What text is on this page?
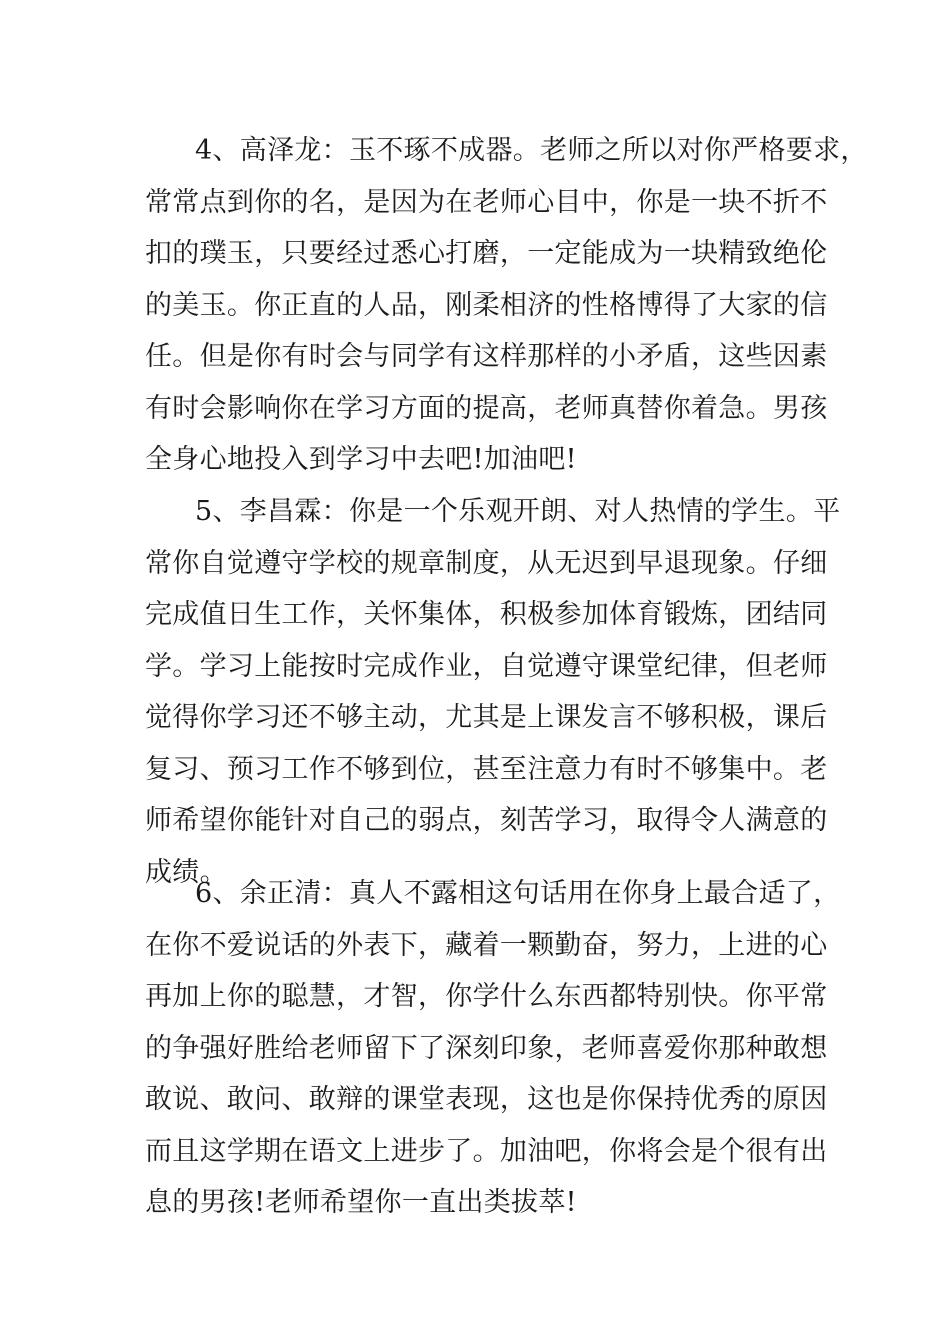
4、高泽龙：玉不琢不成器。老师之所以对你严格要求，
常常点到你的名，是因为在老师心目中，你是一块不折不
扣的璞玉，只要经过悉心打磨，一定能成为一块精致绝伦
的美玉。你正直的人品，刚柔相济的性格博得了大家的信
任。但是你有时会与同学有这样那样的小矛盾，这些因素
有时会影响你在学习方面的提高，老师真替你着急。男孩
全身心地投入到学习中去吧!加油吧!
5、李昌霖：你是一个乐观开朗、对人热情的学生。平
常你自觉遵守学校的规章制度，从无迟到早退现象。仔细
完成值日生工作，关怀集体，积极参加体育锻炼，团结同
学。学习上能按时完成作业，自觉遵守课堂纪律，但老师
觉得你学习还不够主动，尤其是上课发言不够积极，课后
复习、预习工作不够到位，甚至注意力有时不够集中。老
师希望你能针对自己的弱点，刻苦学习，取得令人满意的
成绩。
6、余正清：真人不露相这句话用在你身上最合适了，
在你不爱说话的外表下，藏着一颗勤奋，努力，上进的心
再加上你的聪慧，才智，你学什么东西都特别快。你平常
的争强好胜给老师留下了深刻印象，老师喜爱你那种敢想
敢说、敢问、敢辩的课堂表现，这也是你保持优秀的原因
而且这学期在语文上进步了。加油吧，你将会是个很有出
息的男孩!老师希望你一直出类拔萃!
